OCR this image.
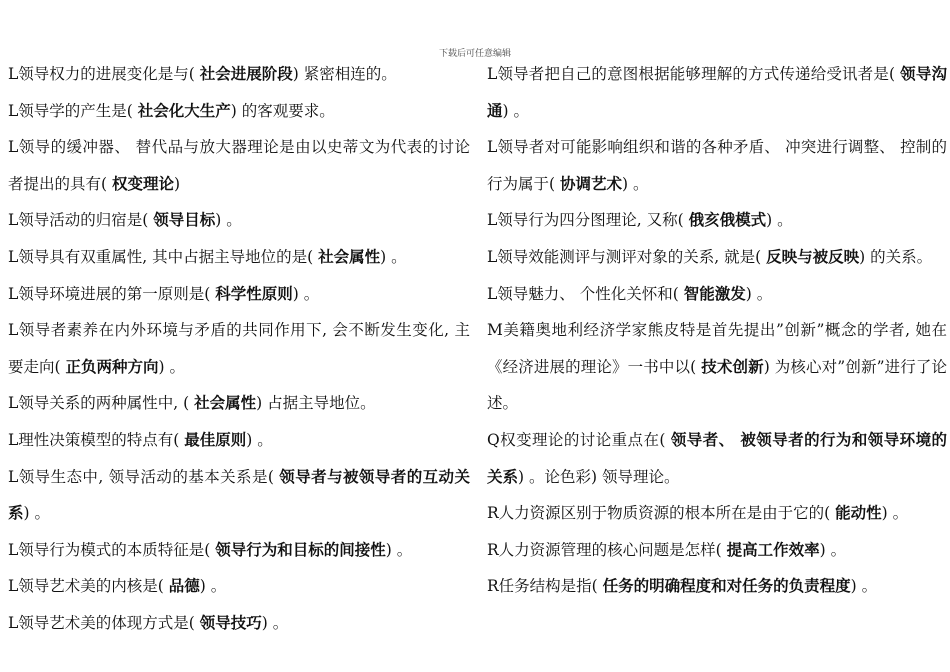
下载后可任意编辑

L领导权力的进展变化是与( 社会进展阶段) 紧密相连的。

L领导学的产生是( 社会化大生产) 的客观要求。

L领导的缓冲器、 替代品与放大器理论是由以史蒂文为代表的讨论者提出的具有( 权变理论)

L领导活动的归宿是( 领导目标) 。

L领导具有双重属性, 其中占据主导地位的是( 社会属性) 。

L领导环境进展的第一原则是( 科学性原则) 。

L领导者素养在内外环境与矛盾的共同作用下, 会不断发生变化, 主要走向( 正负两种方向) 。

L领导关系的两种属性中, ( 社会属性) 占据主导地位。

L理性决策模型的特点有( 最佳原则) 。

L领导生态中, 领导活动的基本关系是( 领导者与被领导者的互动关系) 。

L领导行为模式的本质特征是( 领导行为和目标的间接性) 。

L领导艺术美的内核是( 品德) 。

L领导艺术美的体现方式是( 领导技巧) 。

L领导者把自己的意图根据能够理解的方式传递给受讯者是( 领导沟通) 。

L领导者对可能影响组织和谐的各种矛盾、 冲突进行调整、 控制的行为属于( 协调艺术) 。

L领导行为四分图理论, 又称( 俄亥俄模式) 。

L领导效能测评与测评对象的关系, 就是( 反映与被反映) 的关系。

L领导魅力、 个性化关怀和( 智能激发) 。

M美籍奥地利经济学家熊皮特是首先提出”创新”概念的学者, 她在《经济进展的理论》一书中以( 技术创新) 为核心对”创新”进行了论述。

Q权变理论的讨论重点在( 领导者、 被领导者的行为和领导环境的关系) 。论色彩) 领导理论。

R人力资源区别于物质资源的根本所在是由于它的( 能动性) 。

R人力资源管理的核心问题是怎样( 提高工作效率) 。

R任务结构是指( 任务的明确程度和对任务的负责程度) 。
